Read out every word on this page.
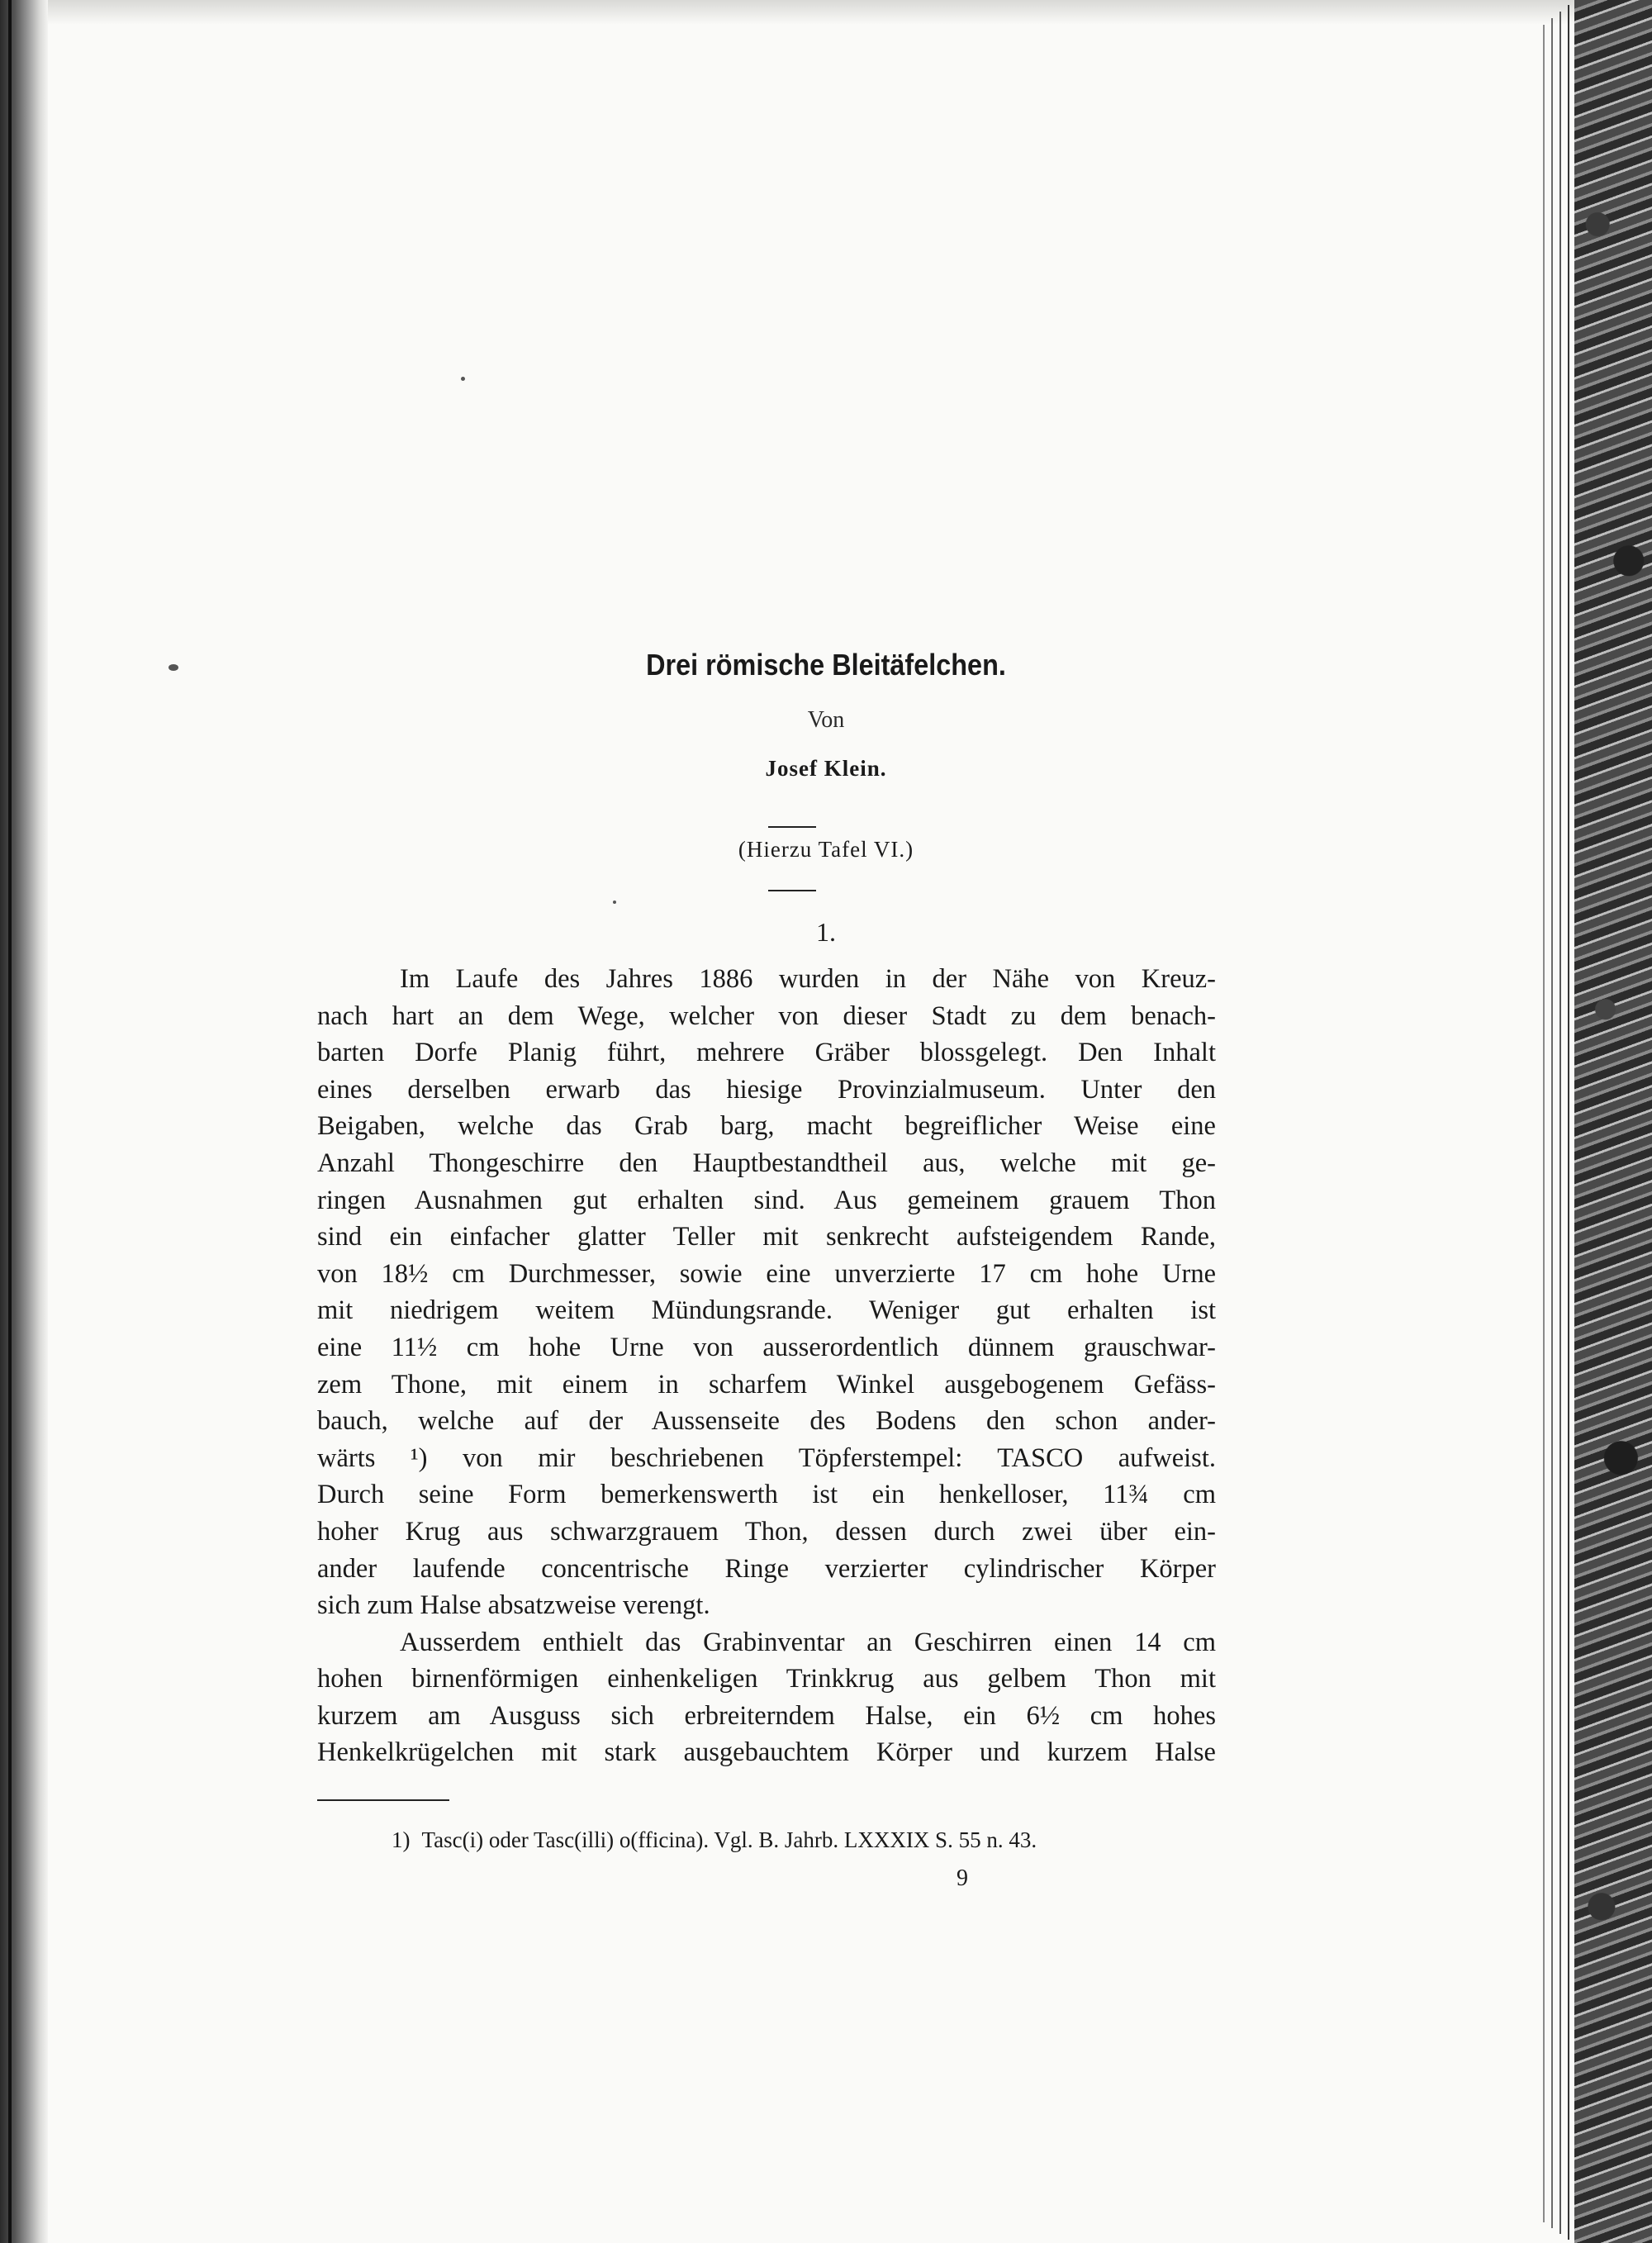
Drei römische Bleitäfelchen.
Von
Josef Klein.
(Hierzu Tafel VI.)
1.
Im Laufe des Jahres 1886 wurden in der Nähe von Kreuz-
nach hart an dem Wege, welcher von dieser Stadt zu dem benach-
barten Dorfe Planig führt, mehrere Gräber blossgelegt. Den Inhalt
eines derselben erwarb das hiesige Provinzialmuseum. Unter den
Beigaben, welche das Grab barg, macht begreiflicher Weise eine
Anzahl Thongeschirre den Hauptbestandtheil aus, welche mit ge-
ringen Ausnahmen gut erhalten sind. Aus gemeinem grauem Thon
sind ein einfacher glatter Teller mit senkrecht aufsteigendem Rande,
von 18½ cm Durchmesser, sowie eine unverzierte 17 cm hohe Urne
mit niedrigem weitem Mündungsrande. Weniger gut erhalten ist
eine 11½ cm hohe Urne von ausserordentlich dünnem grauschwar-
zem Thone, mit einem in scharfem Winkel ausgebogenem Gefäss-
bauch, welche auf der Aussenseite des Bodens den schon ander-
wärts ¹) von mir beschriebenen Töpferstempel: TASCO aufweist.
Durch seine Form bemerkenswerth ist ein henkelloser, 11¾ cm
hoher Krug aus schwarzgrauem Thon, dessen durch zwei über ein-
ander laufende concentrische Ringe verzierter cylindrischer Körper
sich zum Halse absatzweise verengt.
Ausserdem enthielt das Grabinventar an Geschirren einen 14 cm
hohen birnenförmigen einhenkeligen Trinkkrug aus gelbem Thon mit
kurzem am Ausguss sich erbreiterndem Halse, ein 6½ cm hohes
Henkelkrügelchen mit stark ausgebauchtem Körper und kurzem Halse
1) Tasc(i) oder Tasc(illi) o(fficina). Vgl. B. Jahrb. LXXXIX S. 55 n. 43.
9
